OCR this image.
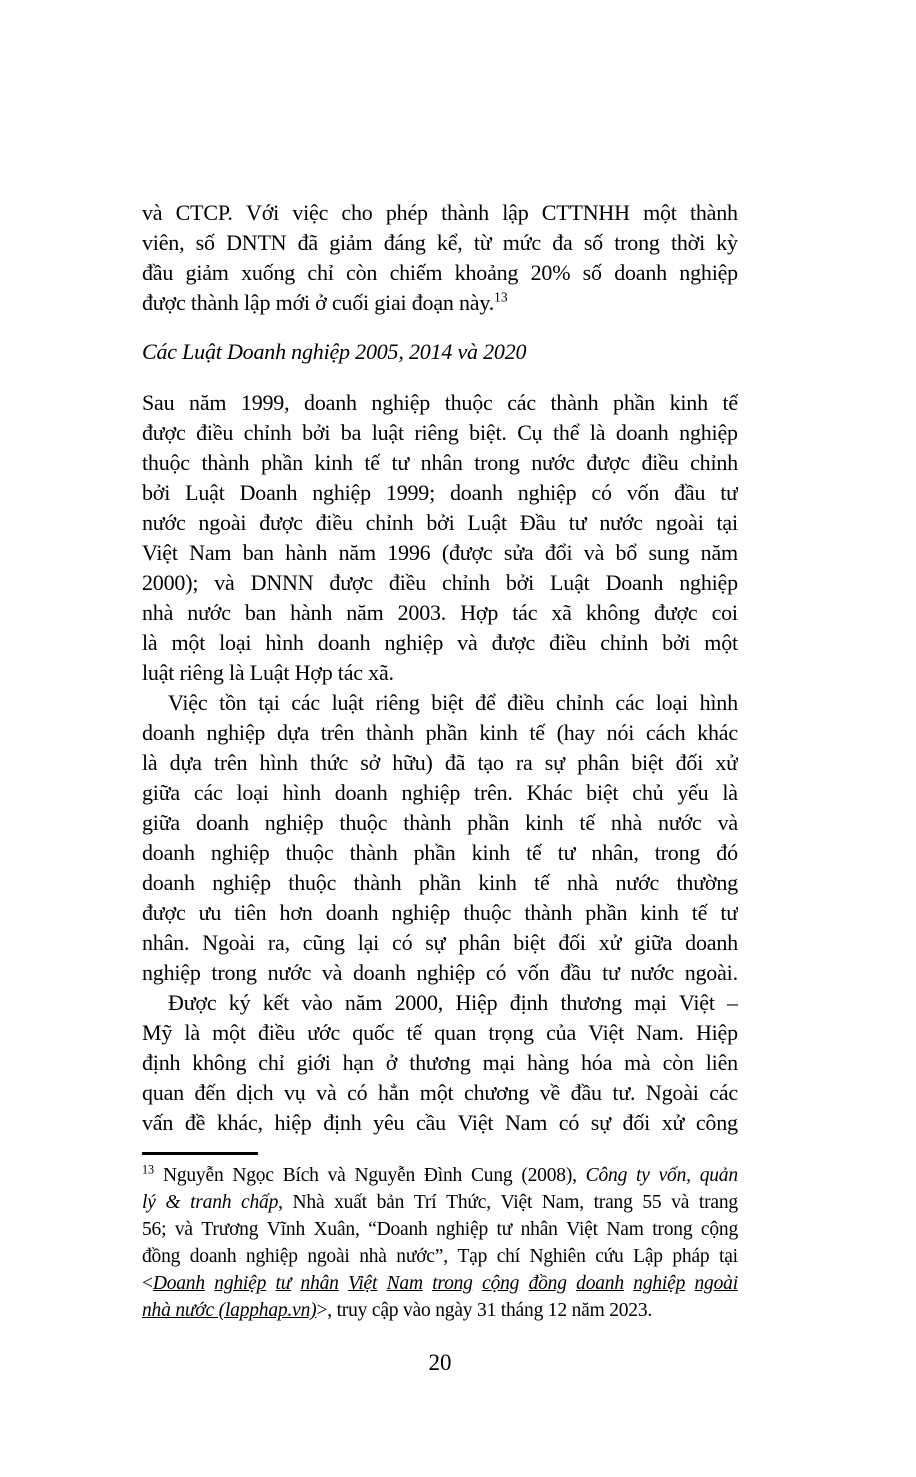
và CTCP. Với việc cho phép thành lập CTTNHH một thành
viên, số DNTN đã giảm đáng kể, từ mức đa số trong thời kỳ
đầu giảm xuống chỉ còn chiếm khoảng 20% số doanh nghiệp
được thành lập mới ở cuối giai đoạn này.$^{13}$
Các Luật Doanh nghiệp 2005, 2014 và 2020
Sau năm 1999, doanh nghiệp thuộc các thành phần kinh tế
được điều chỉnh bởi ba luật riêng biệt. Cụ thể là doanh nghiệp
thuộc thành phần kinh tế tư nhân trong nước được điều chỉnh
bởi Luật Doanh nghiệp 1999; doanh nghiệp có vốn đầu tư
nước ngoài được điều chỉnh bởi Luật Đầu tư nước ngoài tại
Việt Nam ban hành năm 1996 (được sửa đổi và bổ sung năm
2000); và DNNN được điều chỉnh bởi Luật Doanh nghiệp
nhà nước ban hành năm 2003. Hợp tác xã không được coi
là một loại hình doanh nghiệp và được điều chỉnh bởi một
luật riêng là Luật Hợp tác xã.
Việc tồn tại các luật riêng biệt để điều chỉnh các loại hình
doanh nghiệp dựa trên thành phần kinh tế (hay nói cách khác
là dựa trên hình thức sở hữu) đã tạo ra sự phân biệt đối xử
giữa các loại hình doanh nghiệp trên. Khác biệt chủ yếu là
giữa doanh nghiệp thuộc thành phần kinh tế nhà nước và
doanh nghiệp thuộc thành phần kinh tế tư nhân, trong đó
doanh nghiệp thuộc thành phần kinh tế nhà nước thường
được ưu tiên hơn doanh nghiệp thuộc thành phần kinh tế tư
nhân. Ngoài ra, cũng lại có sự phân biệt đối xử giữa doanh
nghiệp trong nước và doanh nghiệp có vốn đầu tư nước ngoài.
Được ký kết vào năm 2000, Hiệp định thương mại Việt –
Mỹ là một điều ước quốc tế quan trọng của Việt Nam. Hiệp
định không chỉ giới hạn ở thương mại hàng hóa mà còn liên
quan đến dịch vụ và có hẳn một chương về đầu tư. Ngoài các
vấn đề khác, hiệp định yêu cầu Việt Nam có sự đối xử công
$^{13}$ Nguyễn Ngọc Bích và Nguyễn Đình Cung (2008), Công ty vốn, quản
lý & tranh chấp, Nhà xuất bản Trí Thức, Việt Nam, trang 55 và trang
56; và Trương Vĩnh Xuân, “Doanh nghiệp tư nhân Việt Nam trong cộng
đồng doanh nghiệp ngoài nhà nước”, Tạp chí Nghiên cứu Lập pháp tại
<Doanh nghiệp tư nhân Việt Nam trong cộng đồng doanh nghiệp ngoài
nhà nước (lapphap.vn)>, truy cập vào ngày 31 tháng 12 năm 2023.
20
